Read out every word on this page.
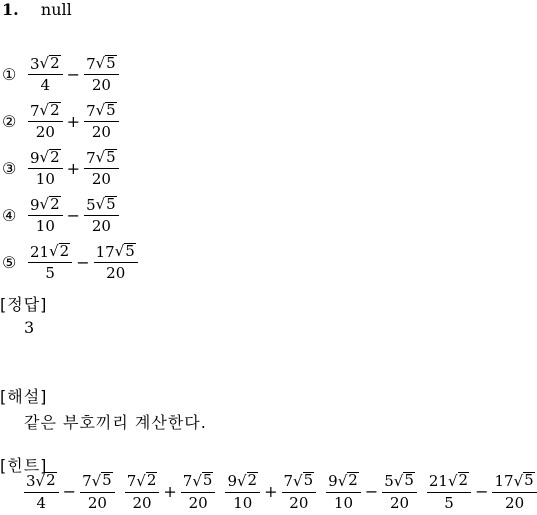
1. null
① $\frac{3 √ 2}{4} - \frac{7 √ 5}{20}$
② $\frac{7 √ 2}{20} + \frac{7 √ 5}{20}$
③ $\frac{9 √ 2}{10} + \frac{7 √ 5}{20}$
④ $\frac{9 √ 2}{10} - \frac{5 √ 5}{20}$
⑤ $\frac{21 √ 2}{5} - \frac{17 √ 5}{20}$
[정답]
3
[해설]
같은 부호끼리 계산한다.
[힌트]
$\frac{3 √ 2}{4} - \frac{7 √ 5}{20} \frac{7 √ 2}{20} + \frac{7 √ 5}{20} \frac{9 √ 2}{10} + \frac{7 √ 5}{20} \frac{9 √ 2}{10} - \frac{5 √ 5}{20} \frac{21 √ 2}{5} - \frac{17 √ 5}{20}$
